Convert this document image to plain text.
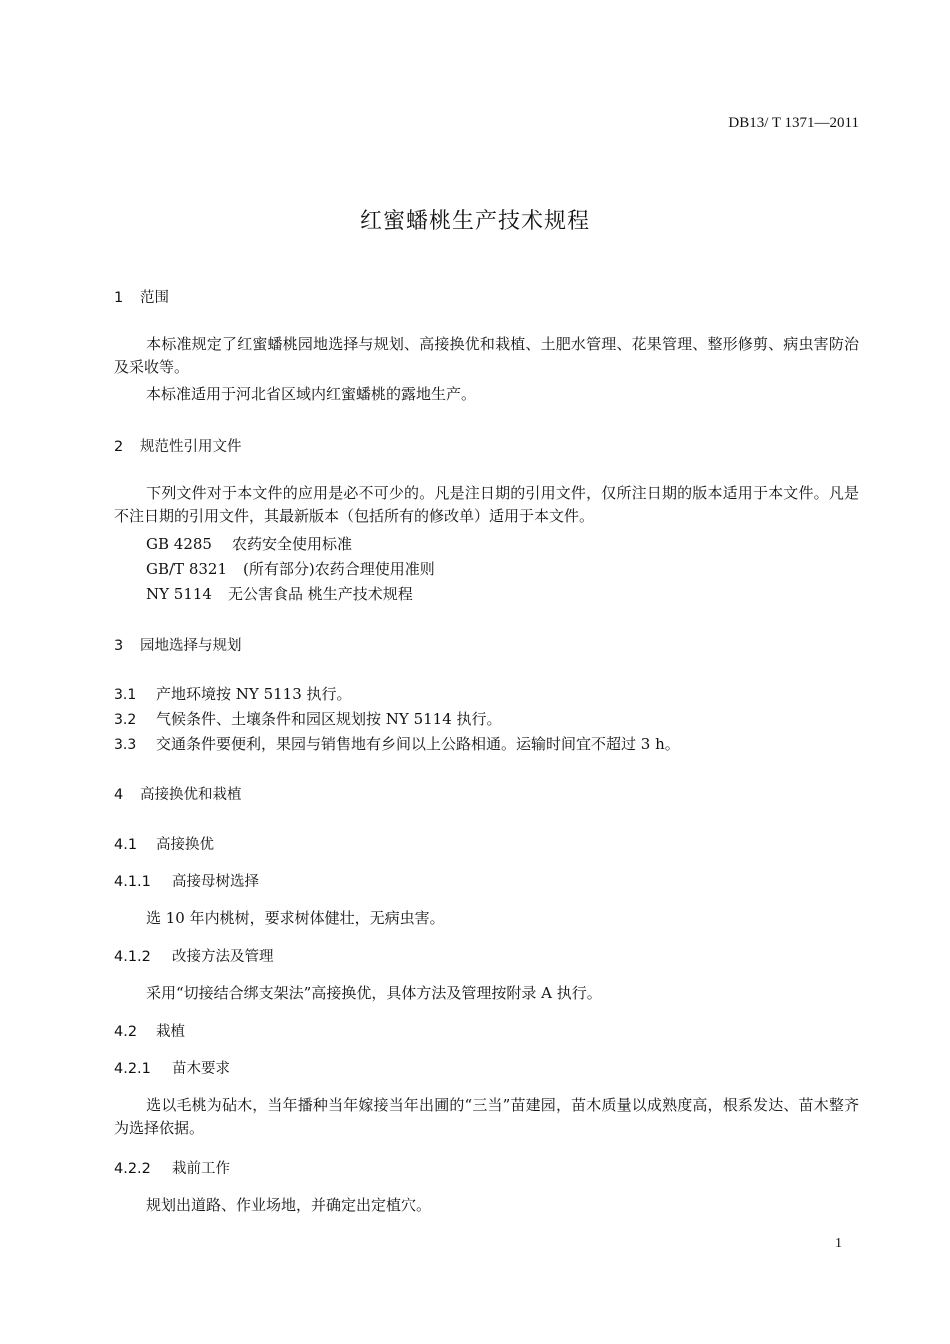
DB13/ T 1371—2011
红蜜蟠桃生产技术规程
1 范围
本标准规定了红蜜蟠桃园地选择与规划、高接换优和栽植、土肥水管理、花果管理、整形修剪、病虫害防治及采收等。
本标准适用于河北省区域内红蜜蟠桃的露地生产。
2 规范性引用文件
下列文件对于本文件的应用是必不可少的。凡是注日期的引用文件，仅所注日期的版本适用于本文件。凡是不注日期的引用文件，其最新版本（包括所有的修改单）适用于本文件。
GB 4285 农药安全使用标准
GB/T 8321 (所有部分)农药合理使用准则
NY 5114 无公害食品 桃生产技术规程
3 园地选择与规划
3.1 产地环境按 NY 5113 执行。
3.2 气候条件、土壤条件和园区规划按 NY 5114 执行。
3.3 交通条件要便利，果园与销售地有乡间以上公路相通。运输时间宜不超过 3 h。
4 高接换优和栽植
4.1 高接换优
4.1.1 高接母树选择
选 10 年内桃树，要求树体健壮，无病虫害。
4.1.2 改接方法及管理
采用“切接结合绑支架法”高接换优，具体方法及管理按附录 A 执行。
4.2 栽植
4.2.1 苗木要求
选以毛桃为砧木，当年播种当年嫁接当年出圃的“三当”苗建园，苗木质量以成熟度高，根系发达、苗木整齐为选择依据。
4.2.2 栽前工作
规划出道路、作业场地，并确定出定植穴。
1
